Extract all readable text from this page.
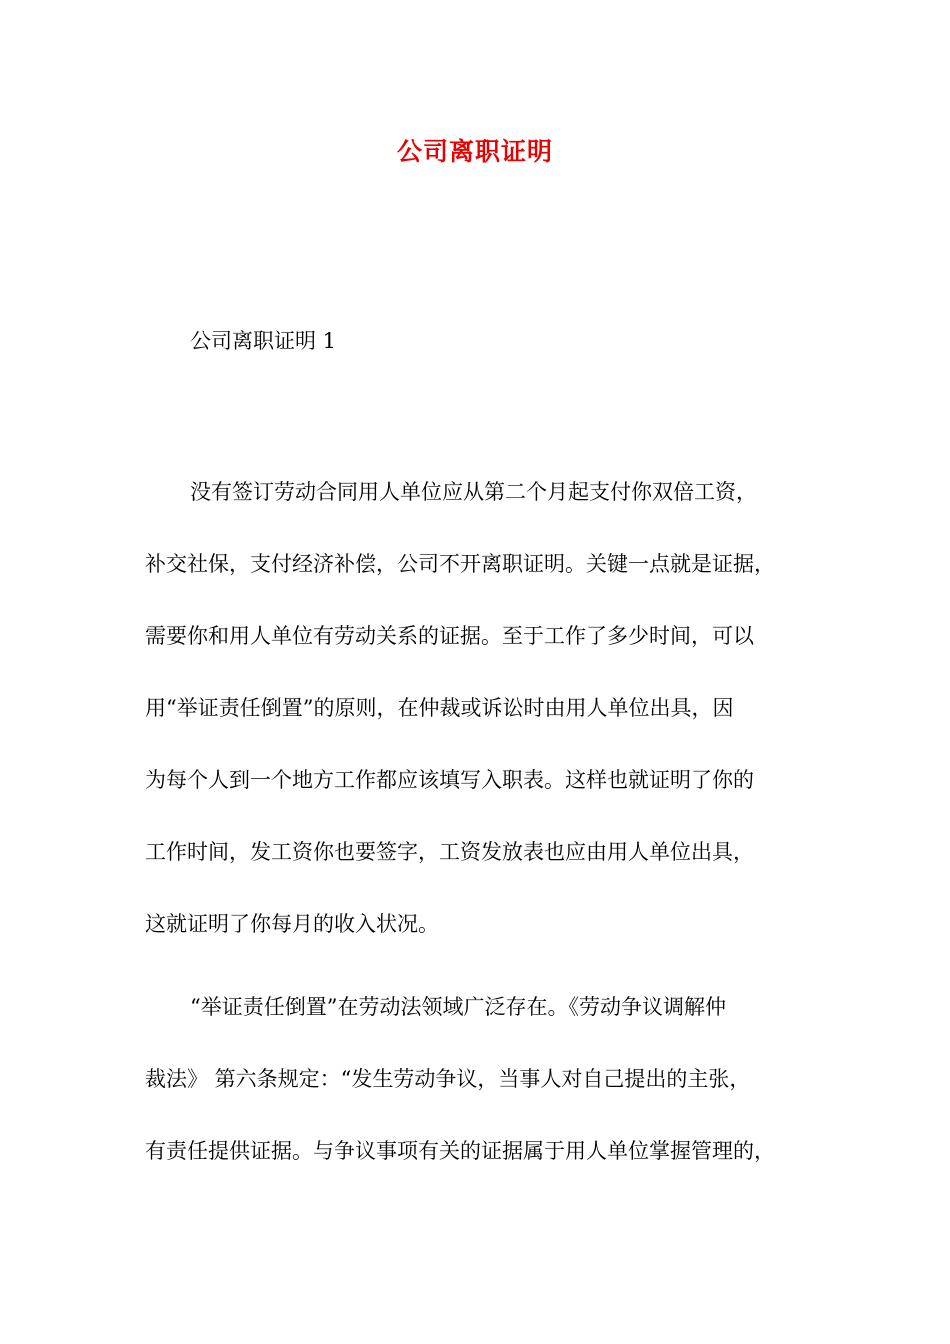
公司离职证明

公司离职证明 1

没有签订劳动合同用人单位应从第二个月起支付你双倍工资，

补交社保，支付经济补偿，公司不开离职证明。关键一点就是证据，

需要你和用人单位有劳动关系的证据。至于工作了多少时间，可以

用“举证责任倒置”的原则，在仲裁或诉讼时由用人单位出具，因

为每个人到一个地方工作都应该填写入职表。这样也就证明了你的

工作时间，发工资你也要签字，工资发放表也应由用人单位出具，

这就证明了你每月的收入状况。

“举证责任倒置”在劳动法领域广泛存在。《劳动争议调解仲

裁法》 第六条规定：“发生劳动争议，当事人对自己提出的主张，

有责任提供证据。与争议事项有关的证据属于用人单位掌握管理的，
